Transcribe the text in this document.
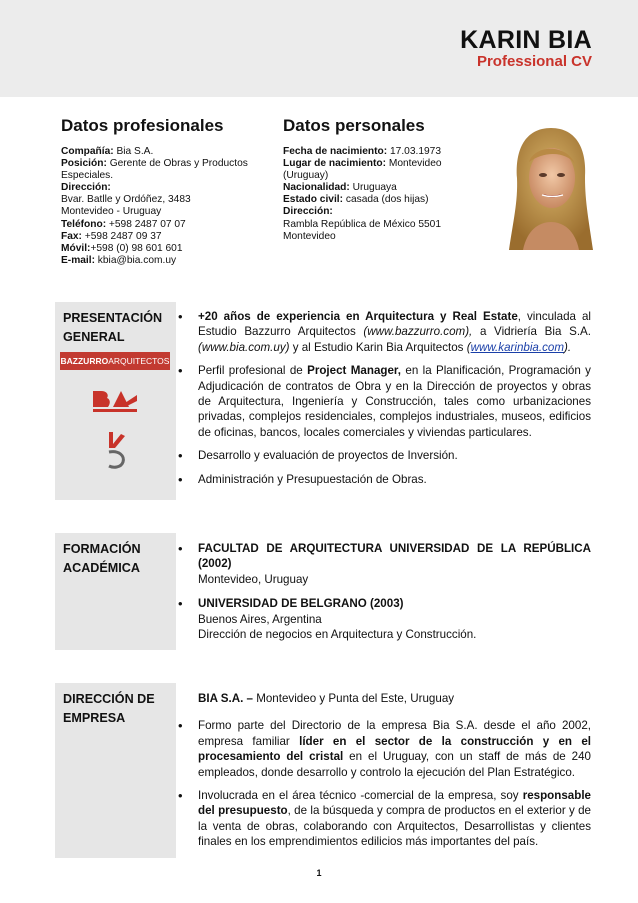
KARIN BIA
Professional CV
Datos profesionales
Compañía: Bia S.A.
Posición: Gerente de Obras y Productos
Especiales.
Dirección:
Bvar. Batlle y Ordóñez, 3483
Montevideo - Uruguay
Teléfono: +598 2487 07 07
Fax: +598 2487 09 37
Móvil:+598 (0) 98 601 601
E-mail: kbia@bia.com.uy
Datos personales
Fecha de nacimiento: 17.03.1973
Lugar de nacimiento: Montevideo
(Uruguay)
Nacionalidad: Uruguaya
Estado civil: casada (dos hijas)
Dirección:
Rambla República de México 5501
Montevideo
PRESENTACIÓN
GENERAL
BAZZURROARQUITECTOS
• +20 años de experiencia en Arquitectura y Real Estate, vinculada al Estudio Bazzurro Arquitectos (www.bazzurro.com), a Vidriería Bia S.A. (www.bia.com.uy) y al Estudio Karin Bia Arquitectos (www.karinbia.com).
• Perfil profesional de Project Manager, en la Planificación, Programación y Adjudicación de contratos de Obra y en la Dirección de proyectos y obras de Arquitectura, Ingeniería y Construcción, tales como urbanizaciones privadas, complejos residenciales, complejos industriales, museos, edificios de oficinas, bancos, locales comerciales y viviendas particulares.
• Desarrollo y evaluación de proyectos de Inversión.
• Administración y Presupuestación de Obras.
FORMACIÓN
ACADÉMICA
• FACULTAD DE ARQUITECTURA UNIVERSIDAD DE LA REPÚBLICA (2002)
Montevideo, Uruguay
• UNIVERSIDAD DE BELGRANO (2003)
Buenos Aires, Argentina
Dirección de negocios en Arquitectura y Construcción.
DIRECCIÓN DE
EMPRESA
BIA S.A. – Montevideo y Punta del Este, Uruguay
• Formo parte del Directorio de la empresa Bia S.A. desde el año 2002, empresa familiar líder en el sector de la construcción y en el procesamiento del cristal en el Uruguay, con un staff de más de 240 empleados, donde desarrollo y controlo la ejecución del Plan Estratégico.
• Involucrada en el área técnico -comercial de la empresa, soy responsable del presupuesto, de la búsqueda y compra de productos en el exterior y de la venta de obras, colaborando con Arquitectos, Desarrollistas y clientes finales en los emprendimientos edilicios más importantes del país.
1
